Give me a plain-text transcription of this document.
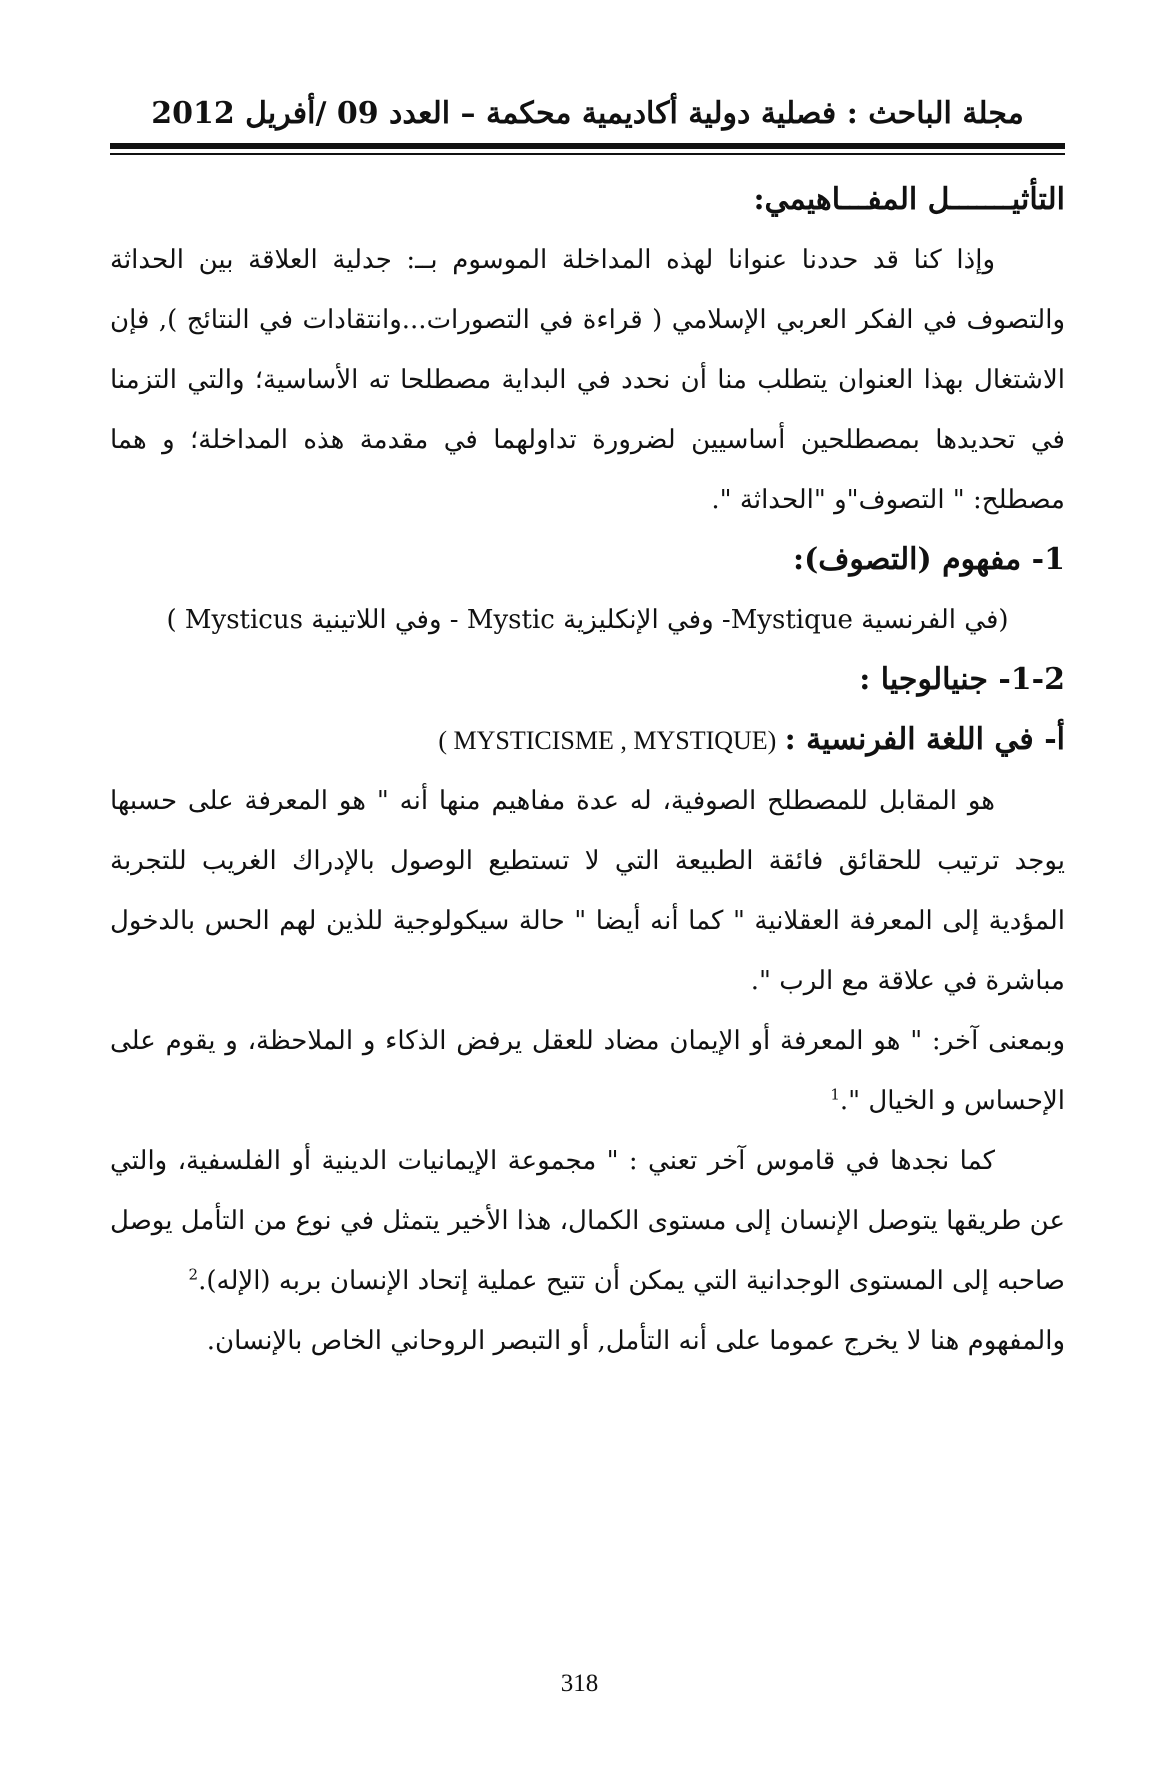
مجلة الباحث : فصلية دولية أكاديمية محكمة – العدد 09 /أفريل 2012

التأثيـــــــل المفـــاهيمي:

وإذا كنا قد حددنا عنوانا لهذه المداخلة الموسوم بــ: جدلية العلاقة بين الحداثة والتصوف في الفكر العربي الإسلامي ( قراءة في التصورات...وانتقادات في النتائج ), فإن الاشتغال بهذا العنوان يتطلب منا أن نحدد في البداية مصطلحا ته الأساسية؛ والتي التزمنا في تحديدها بمصطلحين أساسيين لضرورة تداولهما في مقدمة هذه المداخلة؛ و هما مصطلح: " التصوف"و "الحداثة ".

1- مفهوم (التصوف):

(في الفرنسية Mystique- وفي الإنكليزية Mystic - وفي اللاتينية Mysticus )

1-2- جنيالوجيا :

أ- في اللغة الفرنسية : ( MYSTICISME , MYSTIQUE)

هو المقابل للمصطلح الصوفية، له عدة مفاهيم منها أنه " هو المعرفة على حسبها يوجد ترتيب للحقائق فائقة الطبيعة التي لا تستطيع الوصول بالإدراك الغريب للتجربة المؤدية إلى المعرفة العقلانية " كما أنه أيضا " حالة سيكولوجية للذين لهم الحس بالدخول مباشرة في علاقة مع الرب ".

وبمعنى آخر: " هو المعرفة أو الإيمان مضاد للعقل يرفض الذكاء و الملاحظة، و يقوم على الإحساس و الخيال ".$^1$

كما نجدها في قاموس آخر تعني : " مجموعة الإيمانيات الدينية أو الفلسفية، والتي عن طريقها يتوصل الإنسان إلى مستوى الكمال، هذا الأخير يتمثل في نوع من التأمل يوصل صاحبه إلى المستوى الوجدانية التي يمكن أن تتيح عملية إتحاد الإنسان بربه (الإله).$^2$

والمفهوم هنا لا يخرج عموما على أنه التأمل, أو التبصر الروحاني الخاص بالإنسان.

318
